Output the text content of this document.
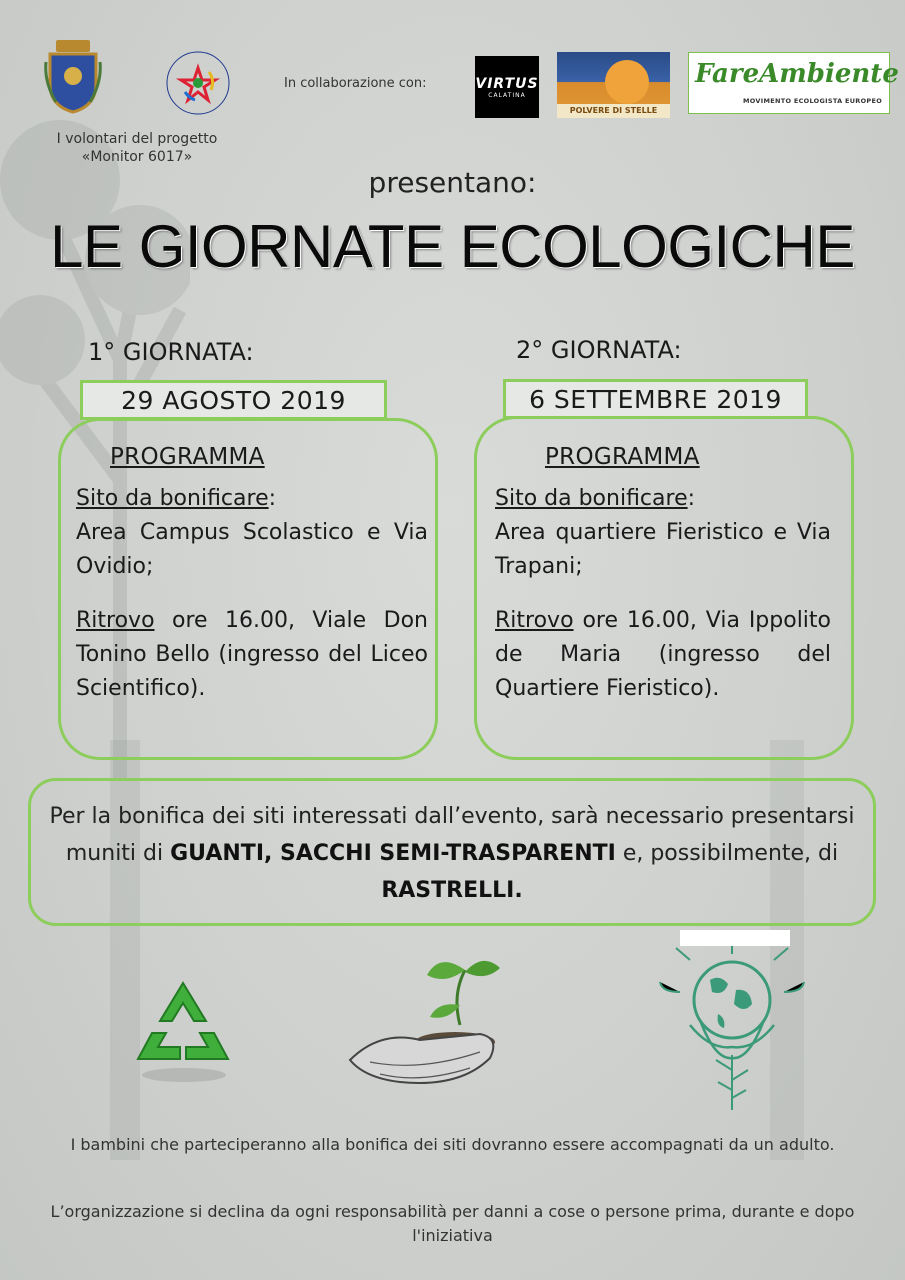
I volontari del progetto
«Monitor 6017»
In collaborazione con:	VIRTUS
CALATINA
POLVERE DI STELLE
FareAmbiente
MOVIMENTO ECOLOGISTA EUROPEO
presentano:
LE GIORNATE ECOLOGICHE
1° GIORNATA:
29 AGOSTO 2019
PROGRAMMA
Sito da bonificare:

Area Campus Scolastico e Via Ovidio;

Ritrovo ore 16.00, Viale Don Tonino Bello (ingresso del Liceo Scientifico).

2° GIORNATA:
6 SETTEMBRE 2019
PROGRAMMA
Sito da bonificare:

Area quartiere Fieristico e Via Trapani;

Ritrovo ore 16.00, Via Ippolito de Maria (ingresso del Quartiere Fieristico).

Per la bonifica dei siti interessati dall’evento, sarà necessario presentarsi muniti di GUANTI, SACCHI SEMI-TRASPARENTI e, possibilmente, di RASTRELLI.
I bambini che parteciperanno alla bonifica dei siti dovranno essere accompagnati da un adulto.
L’organizzazione si declina da ogni responsabilità per danni a cose o persone prima, durante e dopo l'iniziativa
